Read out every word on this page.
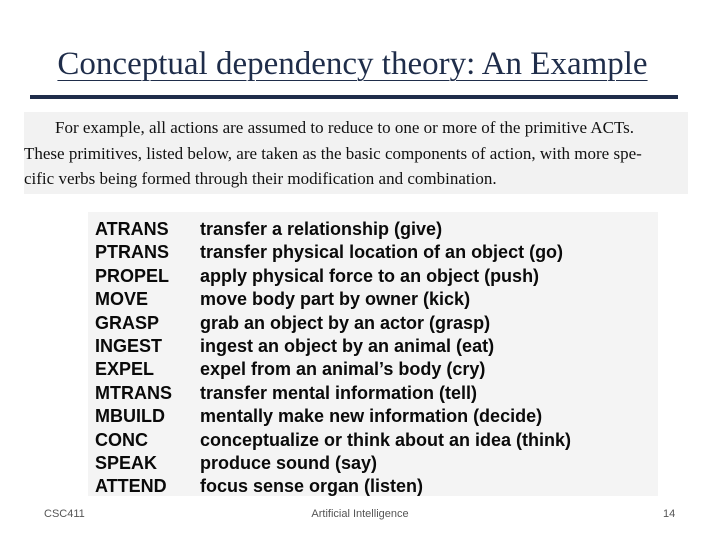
Conceptual dependency theory: An Example
For example, all actions are assumed to reduce to one or more of the primitive ACTs.
These primitives, listed below, are taken as the basic components of action, with more spe-
cific verbs being formed through their modification and combination.
ATRANS transfer a relationship (give)
PTRANS transfer physical location of an object (go)
PROPEL apply physical force to an object (push)
MOVE	move body part by owner (kick)
GRASP grab an object by an actor (grasp)
INGEST ingest an object by an animal (eat)
EXPEL	expel from an animal’s body (cry)
MTRANS transfer mental information (tell)
MBUILD mentally make new information (decide)
CONC	conceptualize or think about an idea (think)
SPEAK produce sound (say)
ATTEND focus sense organ (listen)
CSC411	Artificial Intelligence	14
